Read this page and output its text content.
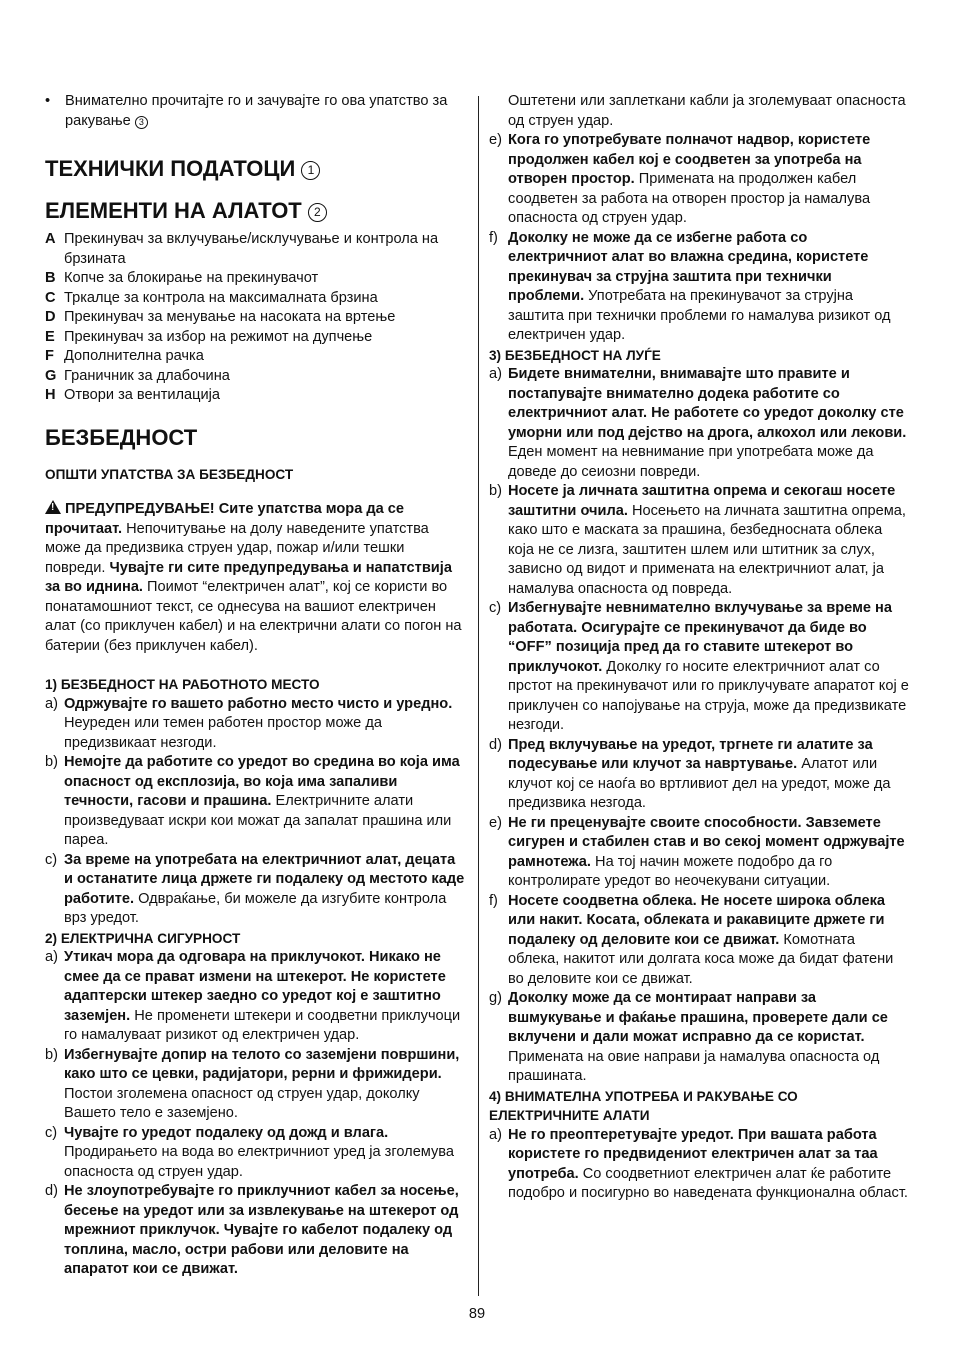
•	Внимателно прочитајте го и зачувајте го ова упатство за ракување 3
ТЕХНИЧКИ ПОДАТОЦИ 1
ЕЛЕМЕНТИ НА АЛАТОТ 2
A Прекинувач за вклучување/исклучување и контрола на брзината
B Копче за блокирање на прекинувачот
C Тркалце за контрола на максималната брзина
D Прекинувач за менување на насоката на вртење
E Прекинувач за избор на режимот на дупчење
F Дополнителна рачка
G Граничник за длабочина
H Отвори за вентилација
БЕЗБЕДНОСТ
ОПШТИ УПАТСТВА ЗА БЕЗБЕДНОСТ
!ПРЕДУПРЕДУВАЊЕ! Сите упатства мора да се прочитаат. Непочитување на долу наведените упатства може да предизвика струен удар, пожар и/или тешки повреди. Чувајте ги сите предупредувања и напатствија за во иднина. Поимот “електричен алат”, кој се користи во понатамошниот текст, се однесува на вашиот електричен алат (со приклучен кабел) и на електрични алати со погон на батерии (без приклучен кабел).
1) БЕЗБЕДНОСТ НА РАБОТНОТО МЕСТО
a) Одржувајте го вашето работно место чисто и уредно. Неуреден или темен работен простор може да предизвикаат незгоди.
b) Немојте да работите со уредот во средина во која има опасност од експлозија, во која има запаливи течности, гасови и прашина. Електричните алати произведуваат искри кои можат да запалат прашина или пареа.
c) За време на употребата на електричниот алат, децата и останатите лица држете ги подалеку од местото каде работите. Одвраќање, би можеле да изгубите контрола врз уредот.
2) ЕЛЕКТРИЧНА СИГУРНОСТ
a) Утикач мора да одговара на приклучокот. Никако не смее да се прават измени на штекерот. Не користете адаптерски штекер заедно со уредот кој е заштитно заземјен. Не променети штекери и соодветни приклучоци го намалуваат ризикот од електричен удар.
b) Избегнувајте допир на телото со заземјени површини, како што се цевки, радијатори, рерни и фрижидери. Постои зголемена опасност од струен удар, доколку Вашето тело е заземјено.
c) Чувајте го уредот подалеку од дожд и влага. Продирањето на вода во електричниот уред ја зголемува опасноста од струен удар.
d) Не злоупотребувајте го приклучниот кабел за носење, бесење на уредот или за извлекување на штекерот од мрежниот приклучок. Чувајте го кабелот подалеку од топлина, масло, остри рабови или деловите на апаратот кои се движат.
Оштетени или заплеткани кабли ја зголемуваат опасноста од струен удар.
e) Кога го употребувате полначот надвор, користете продолжен кабел кој е соодветен за употреба на отворен простор. Примената на продолжен кабел соодветен за работа на отворен простор ја намалува опасноста од струен удар.
f) Доколку не може да се избегне работа со електричниот алат во влажна средина, користете прекинувач за струјна заштита при технички проблеми. Употребата на прекинувачот за струјна заштита при технички проблеми го намалува ризикот од електричен удар.
3) БЕЗБЕДНОСТ НА ЛУЃЕ
a) Бидете внимателни, внимавајте што правите и постапувајте внимателно додека работите со електричниот алат. Не работете со уредот доколку сте уморни или под дејство на дрога, алкохол или лекови. Еден момент на невнимание при употребата може да доведе до сеиозни повреди.
b) Носете ја личната заштитна опрема и секогаш носете заштитни очила. Носењето на личната заштитна опрема, како што е маската за прашина, безбедносната облека која не се лизга, заштитен шлем или штитник за слух, зависно од видот и примената на електричниот алат, ја намалува опасноста од повреда.
c) Избегнувајте невнимателно вклучување за време на работата. Осигурајте се прекинувачот да биде во “OFF” позиција пред да го ставите штекерот во приклучокот. Доколку го носите електричниот алат со прстот на прекинувачот или го приклучувате апаратот кој е приклучен со напојување на струја, може да предизвикате незгоди.
d) Пред вклучување на уредот, тргнете ги алатите за подесување или клучот за навртување. Алатот или клучот кој се наоѓа во вртливиот дел на уредот, може да предизвика незгода.
e) Не ги преценувајте своите способности. Завземете сигурен и стабилен став и во секој момент одржувајте рамнотежа. На тој начин можете подобро да го контролирате уредот во неочекувани ситуации.
f) Носете соодветна облека. Не носете широка облека или накит. Косата, облеката и ракавиците држете ги подалеку од деловите кои се движат. Комотната облека, накитот или долгата коса може да бидат фатени во деловите кои се движат.
g) Доколку може да се монтираат направи за вшмукување и фаќање прашина, проверете дали се вклучени и дали можат исправно да се користат. Примената на овие направи ја намалува опасноста од прашината.
4) ВНИМАТЕЛНА УПОТРЕБА И РАКУВАЊЕ СО ЕЛЕКТРИЧНИТЕ АЛАТИ
a) Не го преоптеретувајте уредот. При вашата работа користете го предвидениот електричен алат за таа употреба. Со соодветниот електричен алат ќе работите подобро и посигурно во наведената функционална област.
89
